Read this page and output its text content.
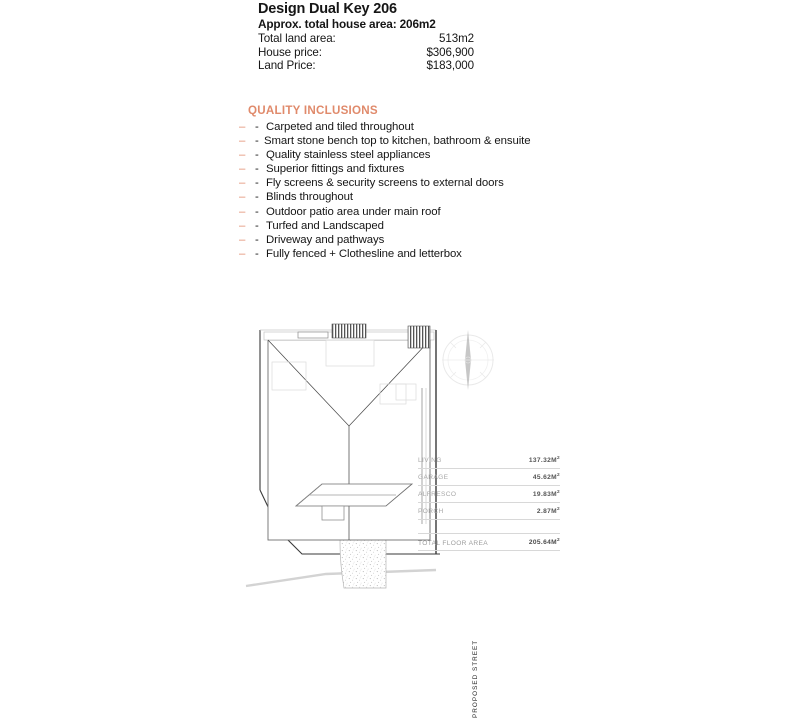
Design Dual Key 206
Approx. total house area: 206m2
Total land area:	513m2
House price:	$306,900
Land Price:	$183,000
QUALITY INCLUSIONS
– - Carpeted and tiled throughout
– - Smart stone bench top to kitchen, bathroom & ensuite
– - Quality stainless steel appliances
– - Superior fittings and fixtures
– - Fly screens & security screens to external doors
– - Blinds throughout
– - Outdoor patio area under main roof
– - Turfed and Landscaped
– - Driveway and pathways
– - Fully fenced + Clothesline and letterbox
PROPOSED STREET
LIVING	$137.32M^2$
GARAGE	$45.62M^2$
ALFRESCO	$19.83M^2$
PORCH	$2.87M^2$

TOTAL FLOOR AREA	$205.64M^2$
